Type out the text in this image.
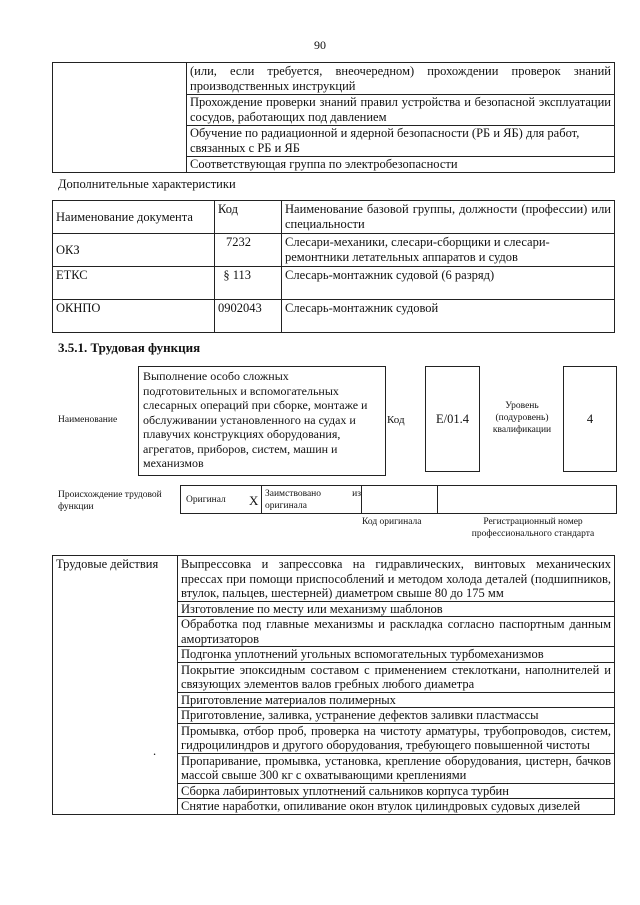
90

(или, если требуется, внеочередном) прохождении проверок знаний производственных инструкций
Прохождение проверки знаний правил устройства и безопасной эксплуатации сосудов, работающих под давлением
Обучение по радиационной и ядерной безопасности (РБ и ЯБ) для работ, связанных с РБ и ЯБ
Соответствующая группа по электробезопасности
Дополнительные характеристики
Наименование документа	Код	Наименование базовой группы, должности (профессии) или специальности
ОКЗ	7232	Слесари-механики, слесари-сборщики и слесари-ремонтники летательных аппаратов и судов
ЕТКС	§ 113	Слесарь-монтажник судовой (6 разряд)
ОКНПО	0902043	Слесарь-монтажник судовой
3.5.1. Трудовая функция
Наименование
Выполнение особо сложных подготовительных и вспомогательных слесарных операций при сборке, монтаже и обслуживании установленного на судах и плавучих конструкциях оборудования, агрегатов, приборов, систем, машин и механизмов
Код	E/01.4
Уровень (подуровень) квалификации
4
Происхождение трудовой функции
Оригинал X Заимствовано из оригинала
Код оригинала	Регистрационный номер профессионального стандарта
Трудовые действия
.

Выпрессовка и запрессовка на гидравлических, винтовых механических прессах при помощи приспособлений и методом холода деталей (подшипников, втулок, пальцев, шестерней) диаметром свыше 80 до 175 мм
Изготовление по месту или механизму шаблонов
Обработка под главные механизмы и раскладка согласно паспортным данным амортизаторов
Подгонка уплотнений угольных вспомогательных турбомеханизмов
Покрытие эпоксидным составом с применением стеклоткани, наполнителей и связующих элементов валов гребных любого диаметра
Приготовление материалов полимерных
Приготовление, заливка, устранение дефектов заливки пластмассы
Промывка, отбор проб, проверка на чистоту арматуры, трубопроводов, систем, гидроцилиндров и другого оборудования, требующего повышенной чистоты
Пропаривание, промывка, установка, крепление оборудования, цистерн, бачков массой свыше 300 кг с охватывающими креплениями
Сборка лабиринтовых уплотнений сальников корпуса турбин
Снятие наработки, опиливание окон втулок цилиндровых судовых дизелей
